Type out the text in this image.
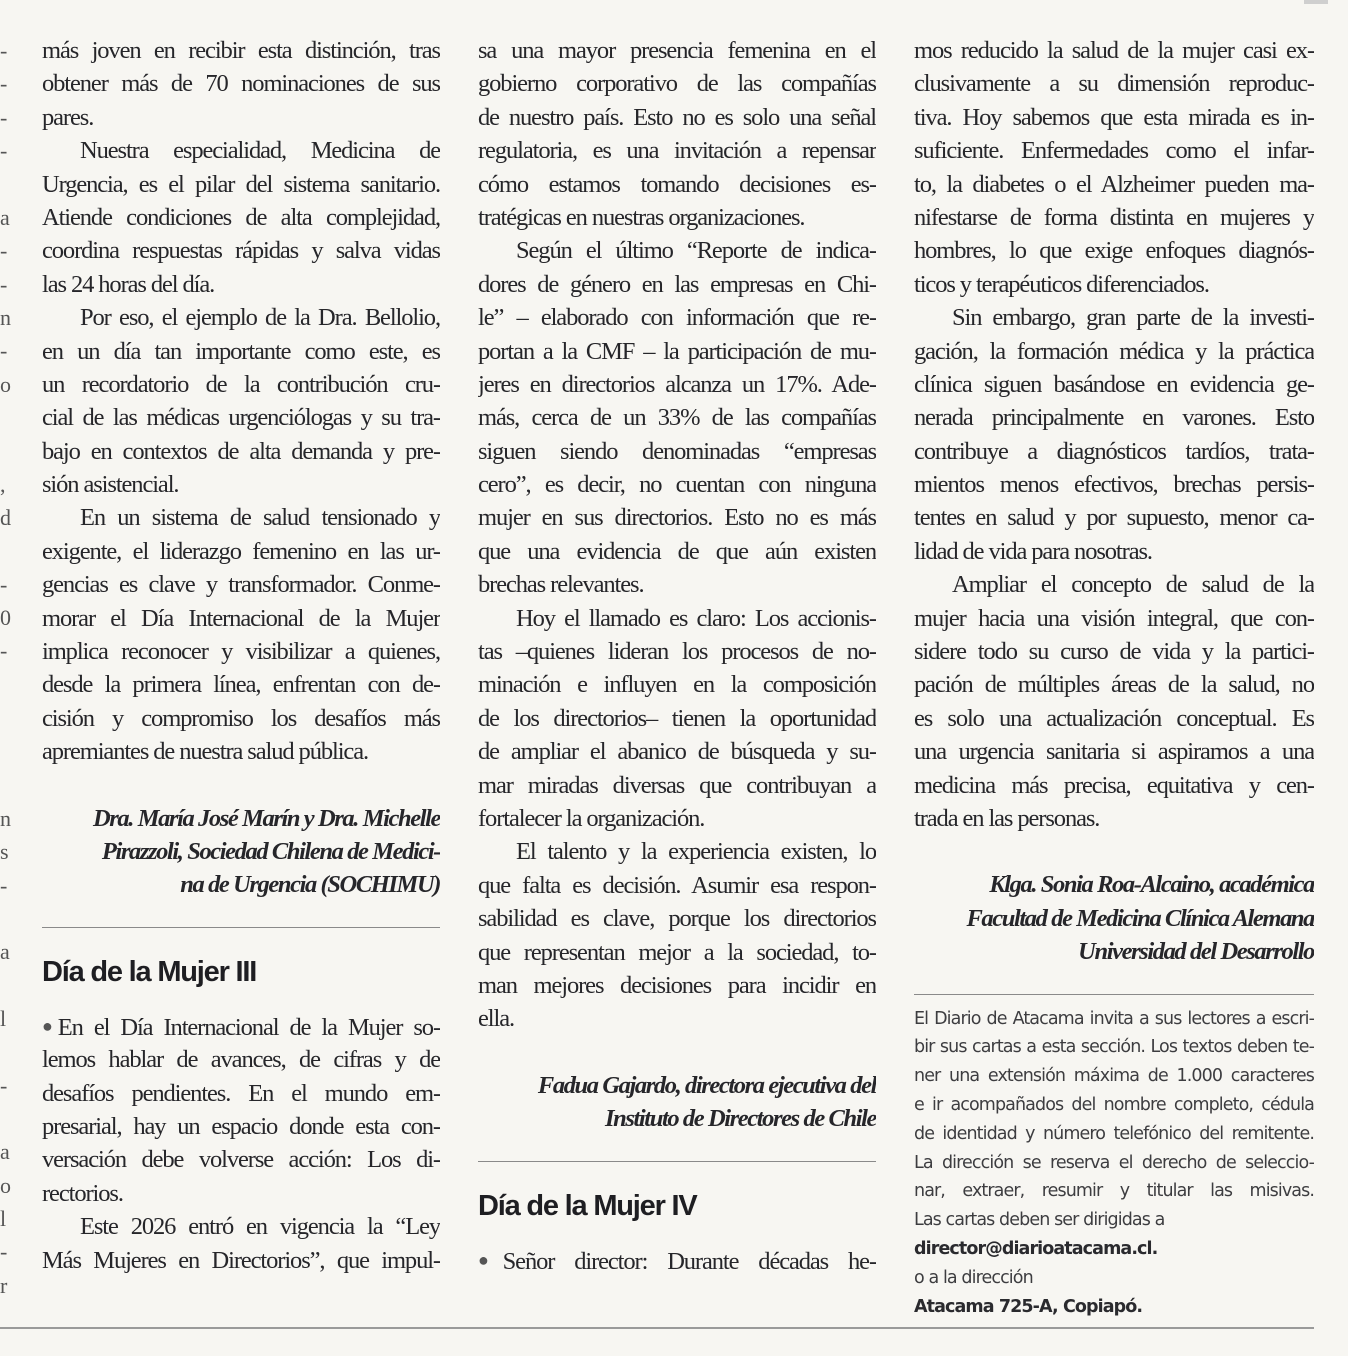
-
-
-
-
a
-
-
n
-
o
,
d
-
0
-
n
s
-
a
l
-
a
o
l
-
r
más joven en recibir esta distinción, tras
obtener más de 70 nominaciones de sus
pares.
Nuestra especialidad, Medicina de
Urgencia, es el pilar del sistema sanitario.
Atiende condiciones de alta complejidad,
coordina respuestas rápidas y salva vidas
las 24 horas del día.
Por eso, el ejemplo de la Dra. Bellolio,
en un día tan importante como este, es
un recordatorio de la contribución cru-
cial de las médicas urgenciólogas y su tra-
bajo en contextos de alta demanda y pre-
sión asistencial.
En un sistema de salud tensionado y
exigente, el liderazgo femenino en las ur-
gencias es clave y transformador. Conme-
morar el Día Internacional de la Mujer
implica reconocer y visibilizar a quienes,
desde la primera línea, enfrentan con de-
cisión y compromiso los desafíos más
apremiantes de nuestra salud pública.
Dra. María José Marín y Dra. Michelle
Pirazzoli, Sociedad Chilena de Medici-
na de Urgencia (SOCHIMU)
Día de la Mujer III
●En el Día Internacional de la Mujer so-
lemos hablar de avances, de cifras y de
desafíos pendientes. En el mundo em-
presarial, hay un espacio donde esta con-
versación debe volverse acción: Los di-
rectorios.
Este 2026 entró en vigencia la “Ley
Más Mujeres en Directorios”, que impul-
sa una mayor presencia femenina en el
gobierno corporativo de las compañías
de nuestro país. Esto no es solo una señal
regulatoria, es una invitación a repensar
cómo estamos tomando decisiones es-
tratégicas en nuestras organizaciones.
Según el último “Reporte de indica-
dores de género en las empresas en Chi-
le” – elaborado con información que re-
portan a la CMF – la participación de mu-
jeres en directorios alcanza un 17%. Ade-
más, cerca de un 33% de las compañías
siguen siendo denominadas “empresas
cero”, es decir, no cuentan con ninguna
mujer en sus directorios. Esto no es más
que una evidencia de que aún existen
brechas relevantes.
Hoy el llamado es claro: Los accionis-
tas –quienes lideran los procesos de no-
minación e influyen en la composición
de los directorios– tienen la oportunidad
de ampliar el abanico de búsqueda y su-
mar miradas diversas que contribuyan a
fortalecer la organización.
El talento y la experiencia existen, lo
que falta es decisión. Asumir esa respon-
sabilidad es clave, porque los directorios
que representan mejor a la sociedad, to-
man mejores decisiones para incidir en
ella.
Fadua Gajardo, directora ejecutiva del
Instituto de Directores de Chile
Día de la Mujer IV
●Señor director: Durante décadas he-
mos reducido la salud de la mujer casi ex-
clusivamente a su dimensión reproduc-
tiva. Hoy sabemos que esta mirada es in-
suficiente. Enfermedades como el infar-
to, la diabetes o el Alzheimer pueden ma-
nifestarse de forma distinta en mujeres y
hombres, lo que exige enfoques diagnós-
ticos y terapéuticos diferenciados.
Sin embargo, gran parte de la investi-
gación, la formación médica y la práctica
clínica siguen basándose en evidencia ge-
nerada principalmente en varones. Esto
contribuye a diagnósticos tardíos, trata-
mientos menos efectivos, brechas persis-
tentes en salud y por supuesto, menor ca-
lidad de vida para nosotras.
Ampliar el concepto de salud de la
mujer hacia una visión integral, que con-
sidere todo su curso de vida y la partici-
pación de múltiples áreas de la salud, no
es solo una actualización conceptual. Es
una urgencia sanitaria si aspiramos a una
medicina más precisa, equitativa y cen-
trada en las personas.
Klga. Sonia Roa-Alcaino, académica
Facultad de Medicina Clínica Alemana
Universidad del Desarrollo
El Diario de Atacama invita a sus lectores a escri-
bir sus cartas a esta sección. Los textos deben te-
ner una extensión máxima de 1.000 caracteres
e ir acompañados del nombre completo, cédula
de identidad y número telefónico del remitente.
La dirección se reserva el derecho de seleccio-
nar, extraer, resumir y titular las misivas.
Las cartas deben ser dirigidas a
director@diarioatacama.cl.
o a la dirección
Atacama 725-A, Copiapó.
